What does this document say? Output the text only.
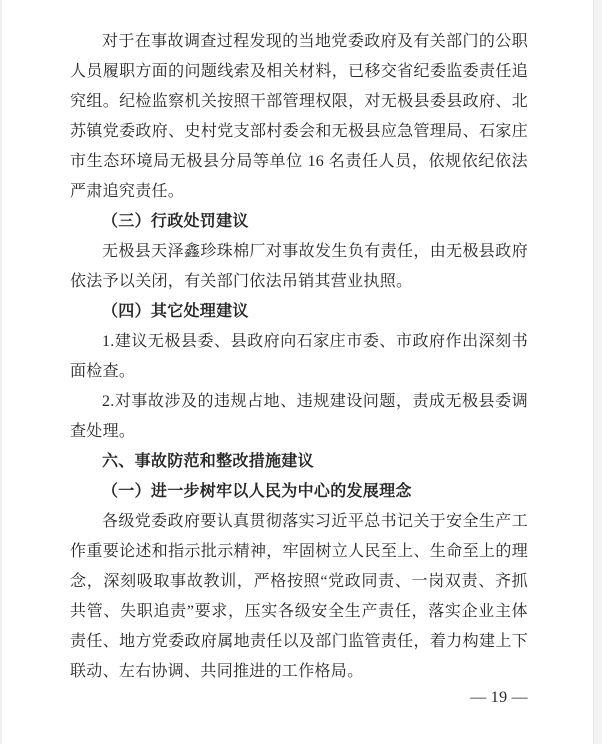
对于在事故调查过程发现的当地党委政府及有关部门的公职人员履职方面的问题线索及相关材料，已移交省纪委监委责任追究组。纪检监察机关按照干部管理权限，对无极县委县政府、北苏镇党委政府、史村党支部村委会和无极县应急管理局、石家庄市生态环境局无极县分局等单位 16 名责任人员，依规依纪依法严肃追究责任。
（三）行政处罚建议
无极县天泽鑫珍珠棉厂对事故发生负有责任，由无极县政府依法予以关闭，有关部门依法吊销其营业执照。
（四）其它处理建议
1.建议无极县委、县政府向石家庄市委、市政府作出深刻书面检查。
2.对事故涉及的违规占地、违规建设问题，责成无极县委调查处理。
六、事故防范和整改措施建议
（一）进一步树牢以人民为中心的发展理念
各级党委政府要认真贯彻落实习近平总书记关于安全生产工作重要论述和指示批示精神，牢固树立人民至上、生命至上的理念，深刻吸取事故教训，严格按照“党政同责、一岗双责、齐抓共管、失职追责”要求，压实各级安全生产责任，落实企业主体责任、地方党委政府属地责任以及部门监管责任，着力构建上下联动、左右协调、共同推进的工作格局。
— 19 —
